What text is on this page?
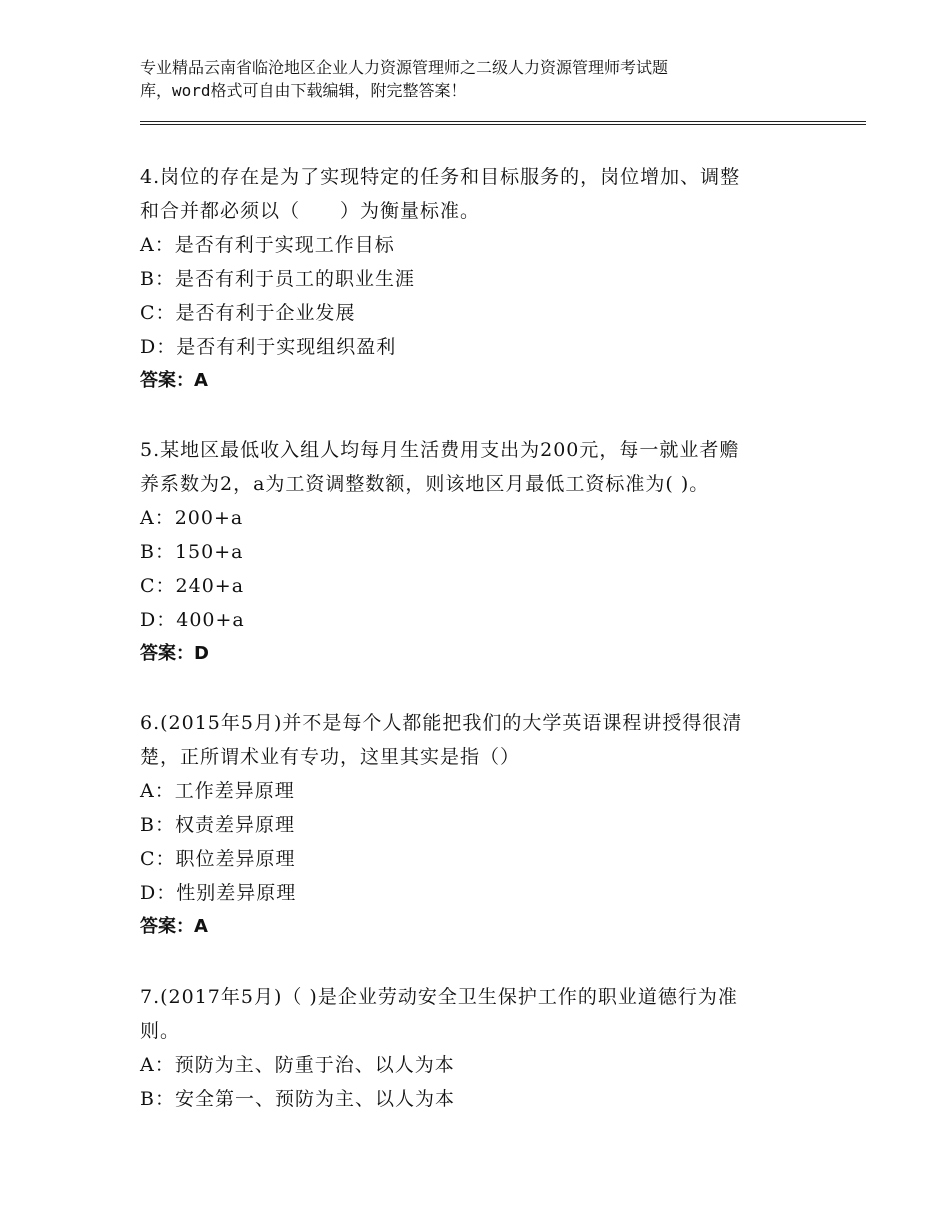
专业精品云南省临沧地区企业人力资源管理师之二级人力资源管理师考试题
库，word格式可自由下载编辑，附完整答案！
4.岗位的存在是为了实现特定的任务和目标服务的，岗位增加、调整
和合并都必须以（　　）为衡量标准。
A：是否有利于实现工作目标
B：是否有利于员工的职业生涯
C：是否有利于企业发展
D：是否有利于实现组织盈利
答案：A
5.某地区最低收入组人均每月生活费用支出为200元，每一就业者赡
养系数为2，a为工资调整数额，则该地区月最低工资标准为( )。
A：200+a
B：150+a
C：240+a
D：400+a
答案：D
6.(2015年5月)并不是每个人都能把我们的大学英语课程讲授得很清
楚，正所谓术业有专功，这里其实是指（）
A：工作差异原理
B：权责差异原理
C：职位差异原理
D：性别差异原理
答案：A
7.(2017年5月)（ )是企业劳动安全卫生保护工作的职业道德行为准
则。
A：预防为主、防重于治、以人为本
B：安全第一、预防为主、以人为本
